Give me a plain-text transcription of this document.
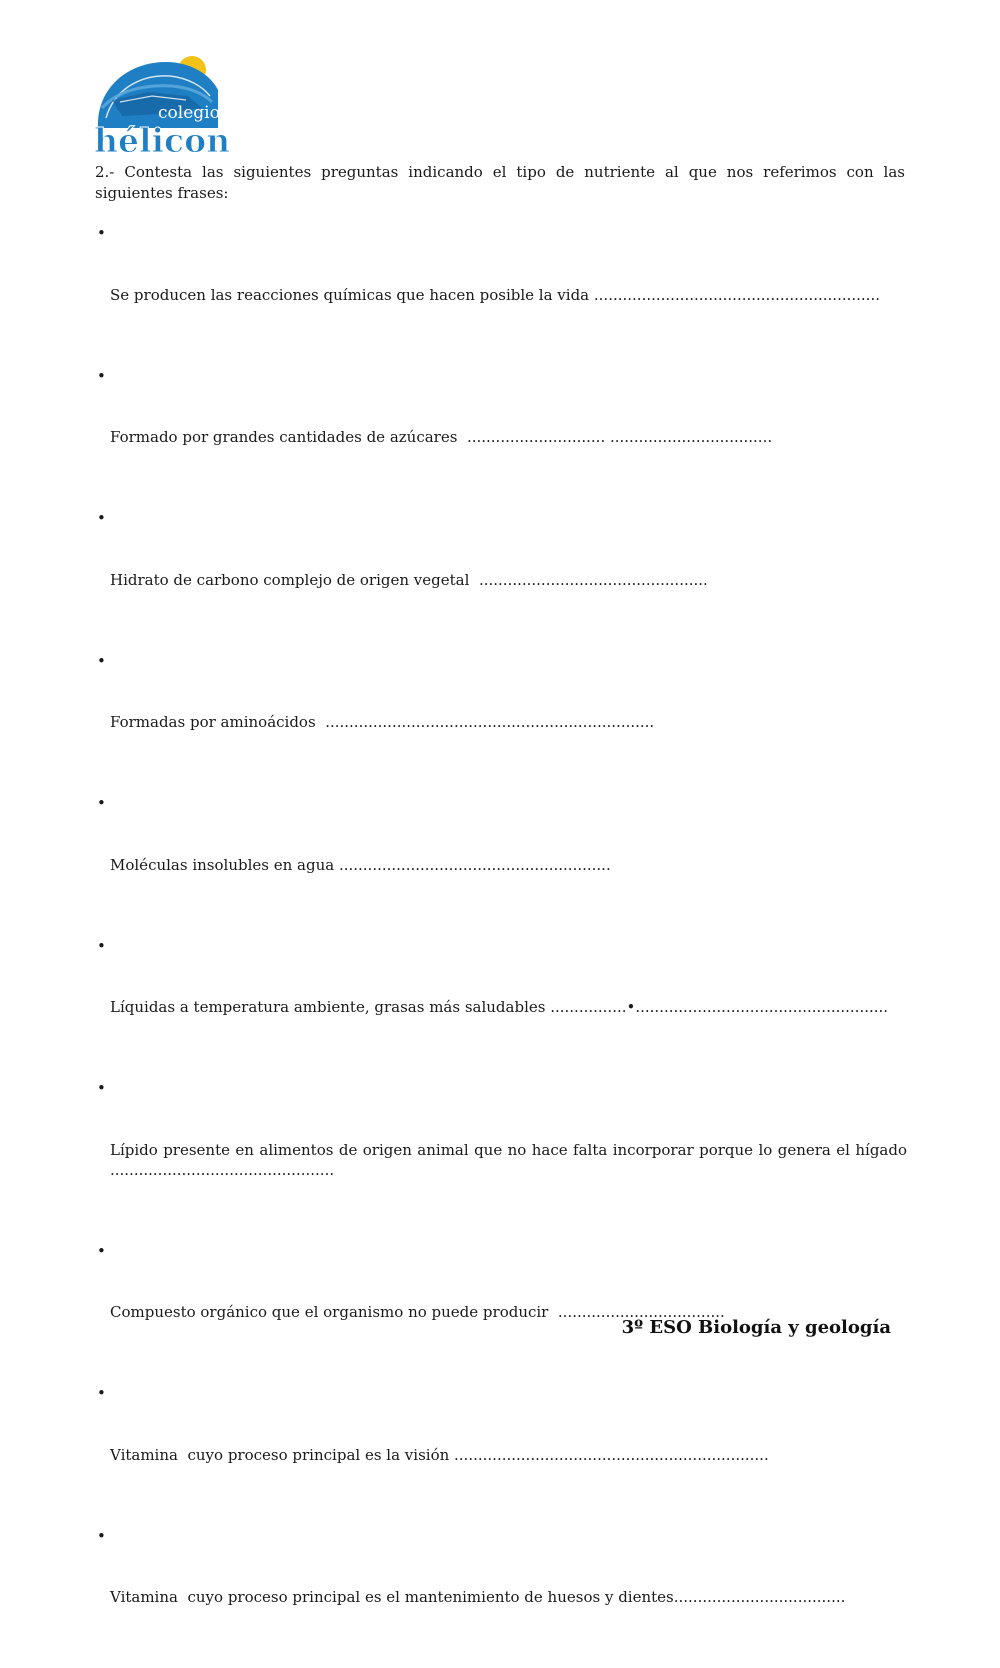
colegio
hélicon
2.- Contesta las siguientes preguntas indicando el tipo de nutriente al que nos referimos con las siguientes frases:

•

Se producen las reacciones químicas que hacen posible la vida ............................................................

•

Formado por grandes cantidades de azúcares  ............................. ..................................

•

Hidrato de carbono complejo de origen vegetal  ................................................

•

Formadas por aminoácidos  .....................................................................

•

Moléculas insolubles en agua .........................................................

•

Líquidas a temperatura ambiente, grasas más saludables ................•.....................................................

•

Lípido presente en alimentos de origen animal que no hace falta incorporar porque lo genera el hígado ...............................................

•

Compuesto orgánico que el organismo no puede producir  ...................................

•

Vitamina  cuyo proceso principal es la visión ..................................................................

•

Vitamina  cuyo proceso principal es el mantenimiento de huesos y dientes....................................

3º ESO Biología y geología
